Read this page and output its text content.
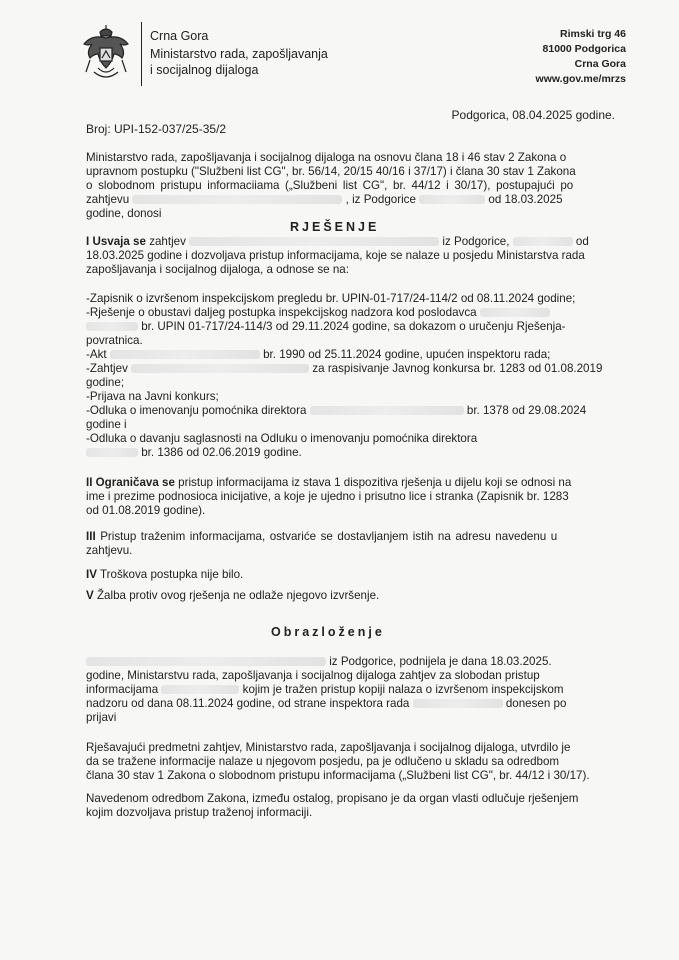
Crna Gora
Ministarstvo rada, zapošljavanja
i socijalnog dijaloga
Rimski trg 46
81000 Podgorica
Crna Gora
www.gov.me/mrzs
Podgorica, 08.04.2025 godine.
Broj: UPI-152-037/25-35/2
Ministarstvo rada, zapošljavanja i socijalnog dijaloga na osnovu člana 18 i 46 stav 2 Zakona o
upravnom postupku ("Službeni list CG", br. 56/14, 20/15 40/16 i 37/17) i člana 30 stav 1 Zakona
o slobodnom pristupu informaciiama („Službeni list CG", br. 44/12 i 30/17), postupajući po
zahtjevu	, iz Podgorice	od 18.03.2025
godine, donosi
RJEŠENJE
I Usvaja se zahtjev	iz Podgorice,	od
18.03.2025 godine i dozvoljava pristup informacijama, koje se nalaze u posjedu Ministarstva rada
zapošljavanja i socijalnog dijaloga, a odnose se na:
-Zapisnik o izvršenom inspekcijskom pregledu br. UPIN-01-717/24-114/2 od 08.11.2024 godine;
-Rješenje o obustavi daljeg postupka inspekcijskog nadzora kod poslodavca
br. UPIN 01-717/24-114/3 od 29.11.2024 godine, sa dokazom o uručenju Rješenja-
povratnica.
-Akt	br. 1990 od 25.11.2024 godine, upućen inspektoru rada;
-Zahtjev	za raspisivanje Javnog konkursa br. 1283 od 01.08.2019
godine;
-Prijava na Javni konkurs;
-Odluka o imenovanju pomoćnika direktora	br. 1378 od 29.08.2024
godine i
-Odluka o davanju saglasnosti na Odluku o imenovanju pomoćnika direktora
br. 1386 od 02.06.2019 godine.
II Ograničava se pristup informacijama iz stava 1 dispozitiva rješenja u dijelu koji se odnosi na
ime i prezime podnosioca inicijative, a koje je ujedno i prisutno lice i stranka (Zapisnik br. 1283
od 01.08.2019 godine).
III Pristup traženim informacijama, ostvariće se dostavljanjem istih na adresu navedenu u
zahtjevu.
IV Troškova postupka nije bilo.
V Žalba protiv ovog rješenja ne odlaže njegovo izvršenje.
Obrazloženje
iz Podgorice, podnijela je dana 18.03.2025.
godine, Ministarstvu rada, zapošljavanja i socijalnog dijaloga zahtjev za slobodan pristup
informacijama	kojim je tražen pristup kopiji nalaza o izvršenom inspekcijskom
nadzoru od dana 08.11.2024 godine, od strane inspektora rada	donesen po
prijavi
Rješavajući predmetni zahtjev, Ministarstvo rada, zapošljavanja i socijalnog dijaloga, utvrdilo je
da se tražene informacije nalaze u njegovom posjedu, pa je odlučeno u skladu sa odredbom
člana 30 stav 1 Zakona o slobodnom pristupu informacijama („Službeni list CG", br. 44/12 i 30/17).
Navedenom odredbom Zakona, između ostalog, propisano je da organ vlasti odlučuje rješenjem
kojim dozvoljava pristup traženoj informaciji.
